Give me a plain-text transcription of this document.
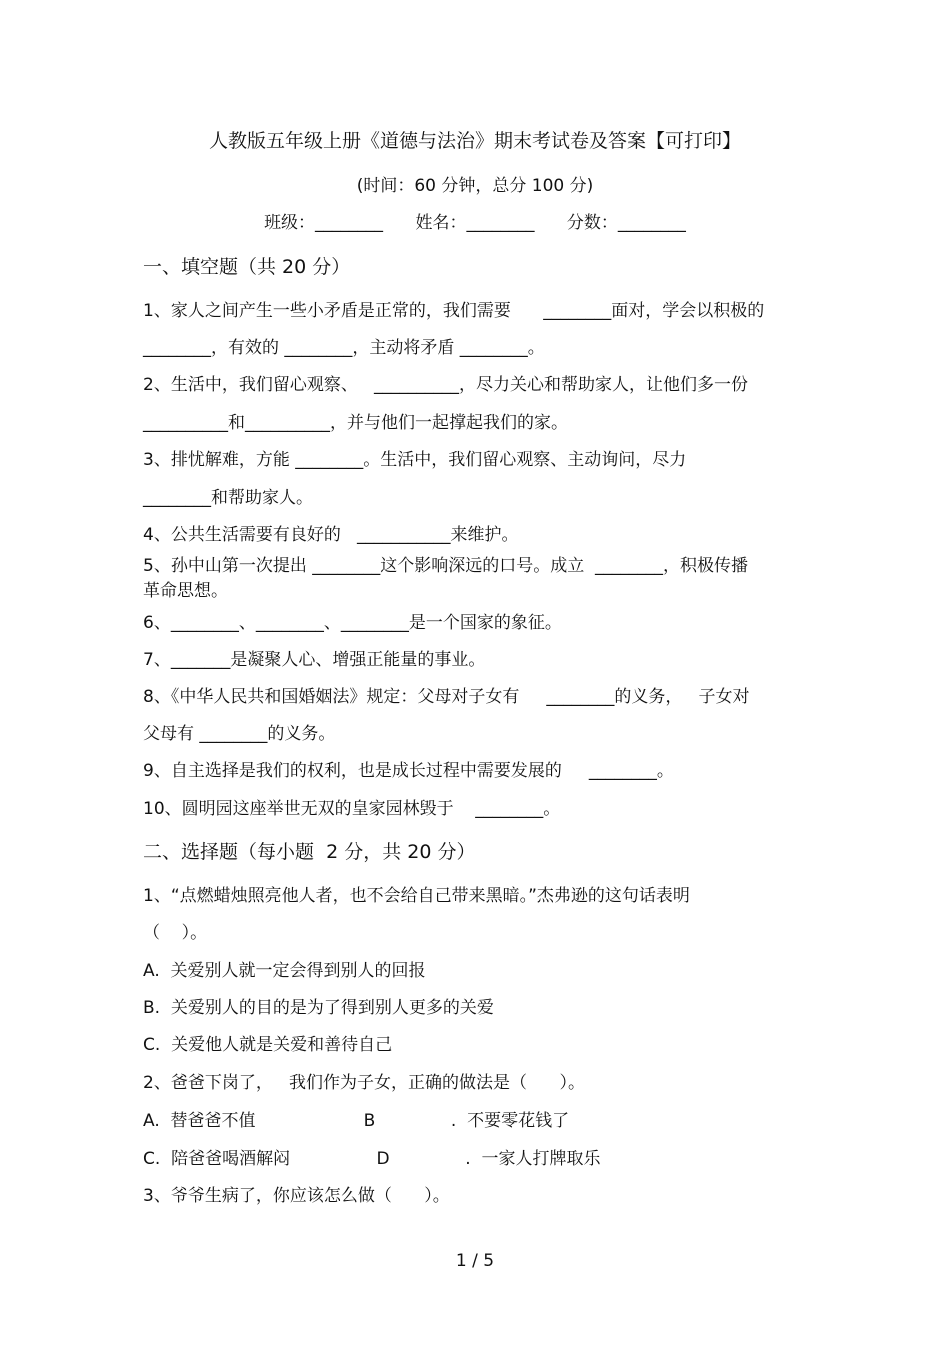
人教版五年级上册《道德与法治》期末考试卷及答案【可打印】
(时间：60 分钟，总分 100 分)
班级：________      姓名：________      分数：________
一、填空题（共 20 分）
1、家人之间产生一些小矛盾是正常的，我们需要      ________面对，学会以积极的
________，有效的 ________，主动将矛盾 ________。
2、生活中，我们留心观察、   __________，尽力关心和帮助家人，让他们多一份
__________和__________，并与他们一起撑起我们的家。
3、排忧解难，方能 ________。生活中，我们留心观察、主动询问，尽力
________和帮助家人。
4、公共生活需要有良好的   ___________来维护。
5、孙中山第一次提出 ________这个影响深远的口号。成立  ________，积极传播
革命思想。
6、________、________、________是一个国家的象征。
7、_______是凝聚人心、增强正能量的事业。
8、《中华人民共和国婚姻法》规定：父母对子女有     ________的义务，   子女对
父母有 ________的义务。
9、自主选择是我们的权利，也是成长过程中需要发展的     ________。
10、圆明园这座举世无双的皇家园林毁于    ________。
二、选择题（每小题  2 分，共 20 分）
1、“点燃蜡烛照亮他人者，也不会给自己带来黑暗。”杰弗逊的这句话表明
（    ）。
A.  关爱别人就一定会得到别人的回报
B.  关爱别人的目的是为了得到别人更多的关爱
C.  关爱他人就是关爱和善待自己
2、爸爸下岗了，   我们作为子女，正确的做法是（      ）。
A.  替爸爸不值                    B              .  不要零花钱了
C.  陪爸爸喝酒解闷                D              .  一家人打牌取乐
3、爷爷生病了，你应该怎么做（      ）。
1 / 5
